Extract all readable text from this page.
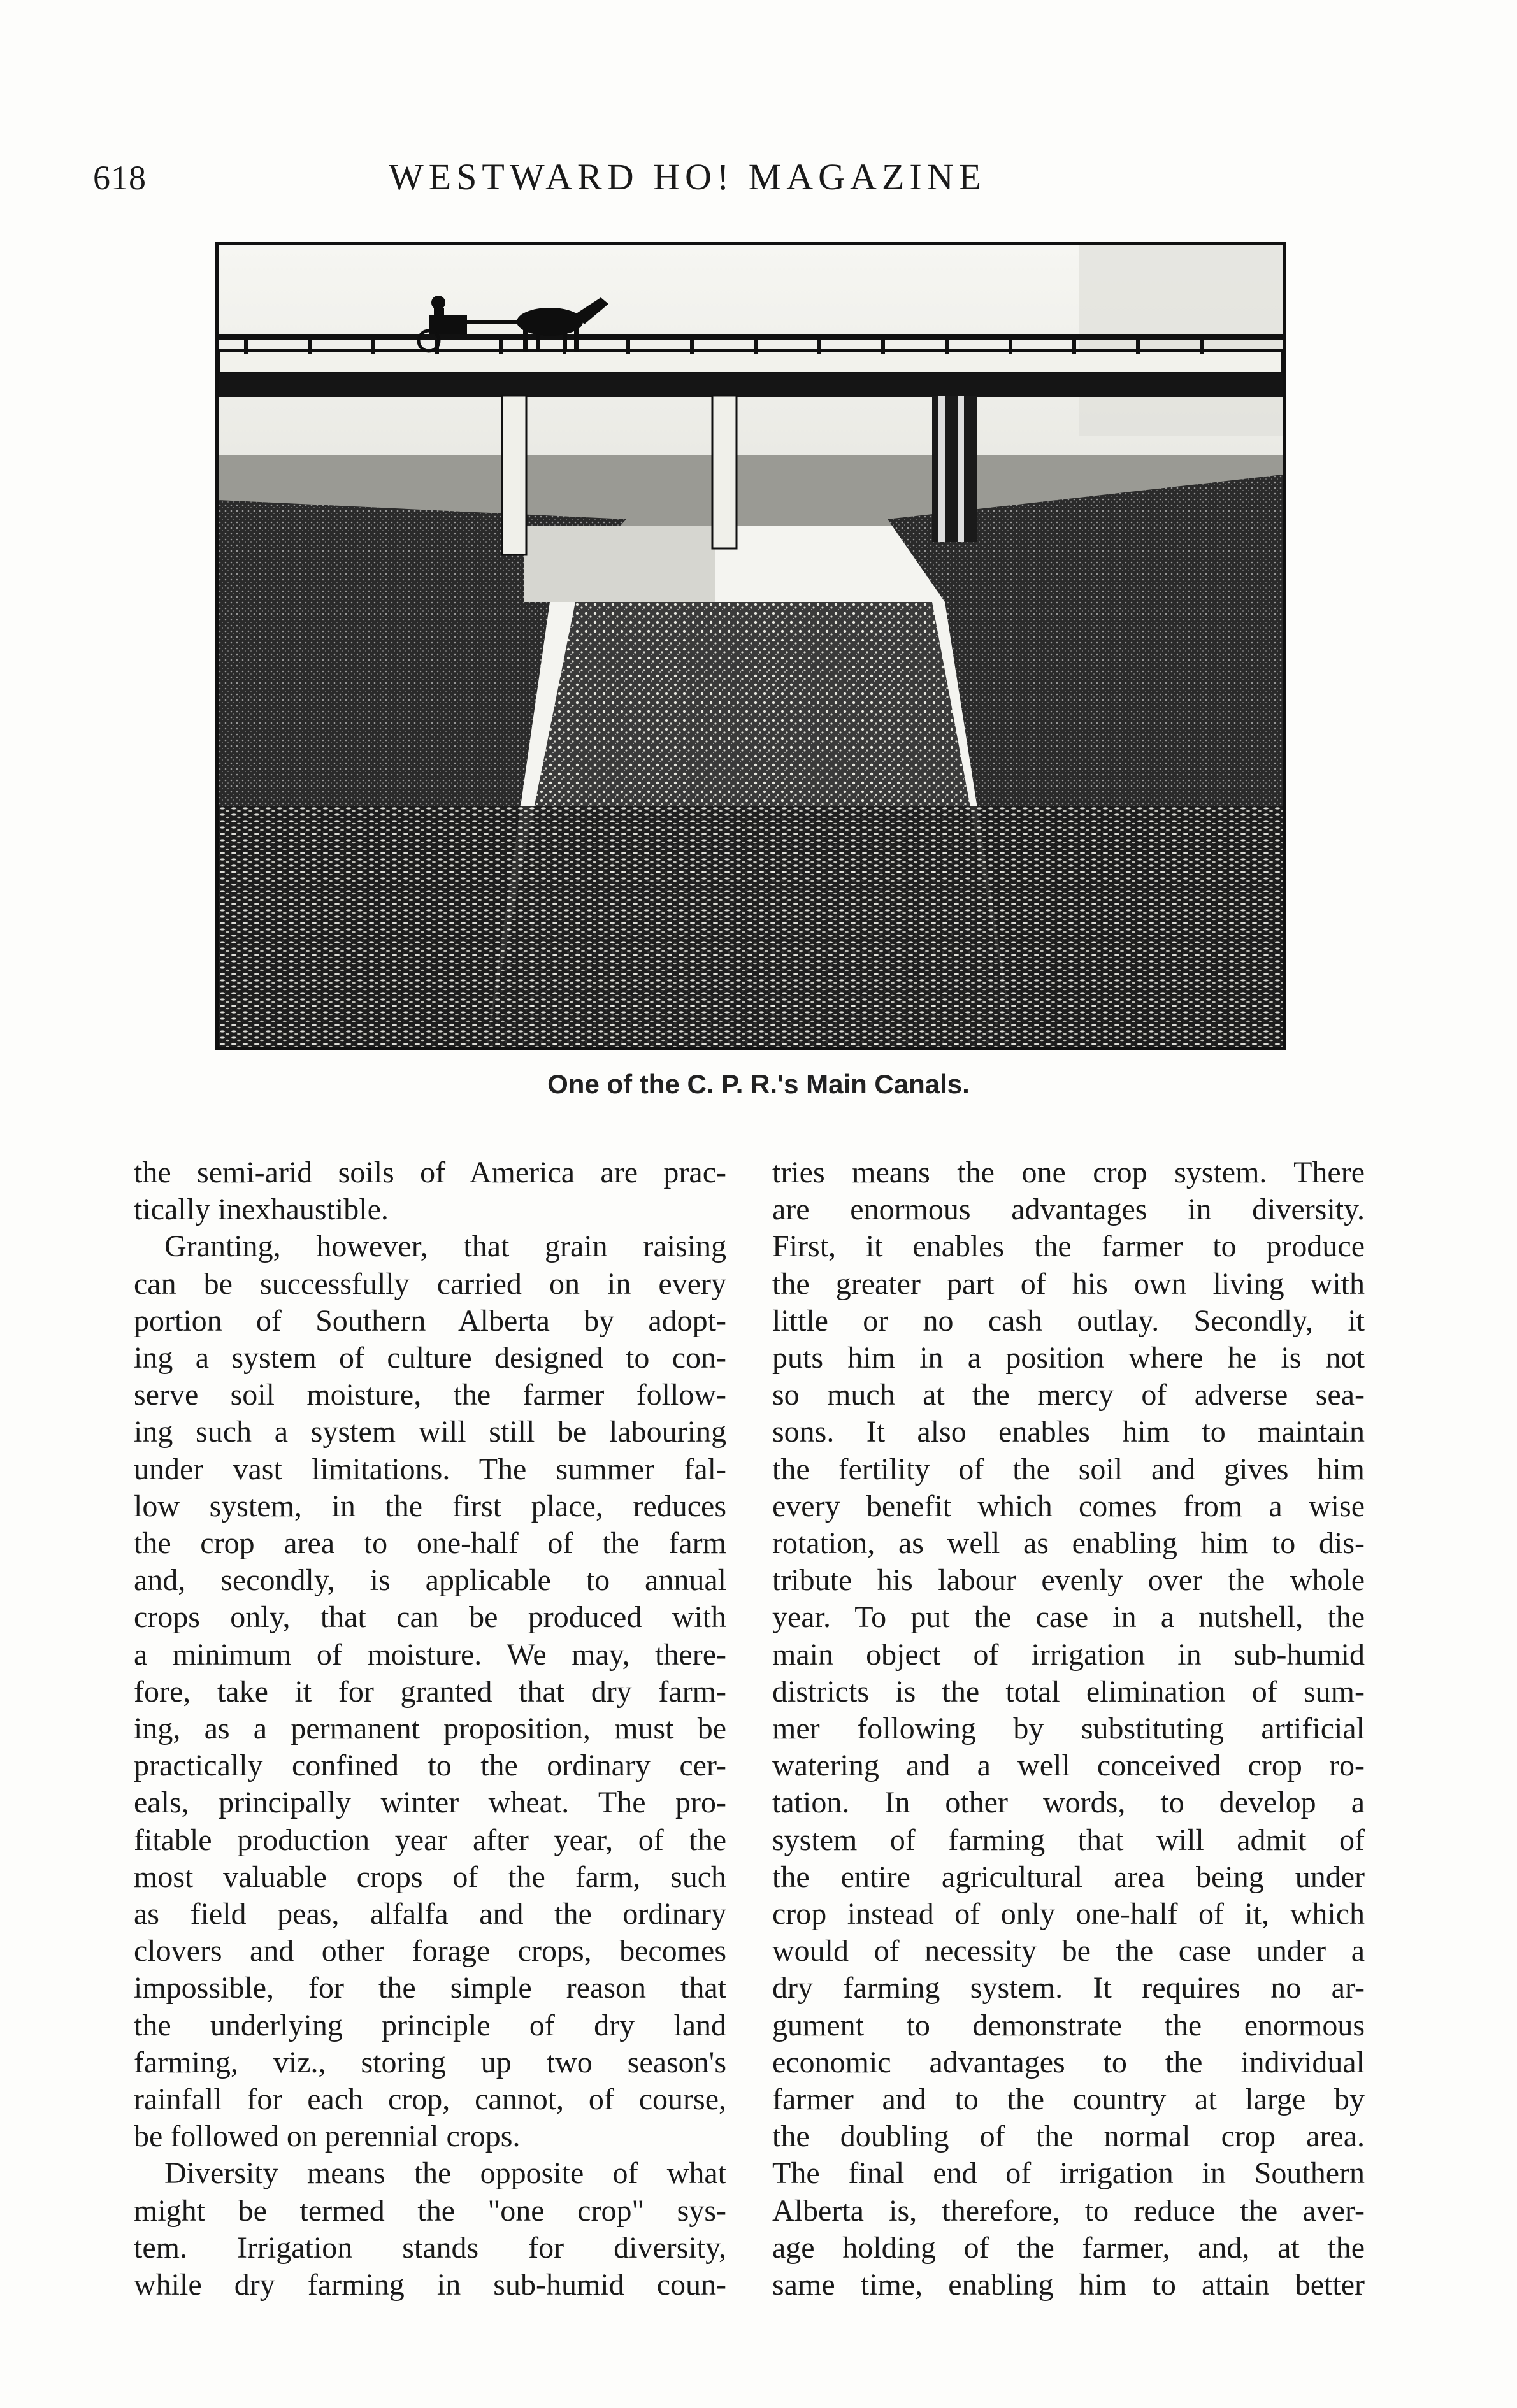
618	WESTWARD HO! MAGAZINE
One of the C. P. R.'s Main Canals.
the semi-arid soils of America are prac-
tically inexhaustible.
Granting, however, that grain raising
can be successfully carried on in every
portion of Southern Alberta by adopt-
ing a system of culture designed to con-
serve soil moisture, the farmer follow-
ing such a system will still be labouring
under vast limitations. The summer fal-
low system, in the first place, reduces
the crop area to one-half of the farm
and, secondly, is applicable to annual
crops only, that can be produced with
a minimum of moisture. We may, there-
fore, take it for granted that dry farm-
ing, as a permanent proposition, must be
practically confined to the ordinary cer-
eals, principally winter wheat. The pro-
fitable production year after year, of the
most valuable crops of the farm, such
as field peas, alfalfa and the ordinary
clovers and other forage crops, becomes
impossible, for the simple reason that
the underlying principle of dry land
farming, viz., storing up two season's
rainfall for each crop, cannot, of course,
be followed on perennial crops.
Diversity means the opposite of what
might be termed the "one crop" sys-
tem. Irrigation stands for diversity,
while dry farming in sub-humid coun-
tries means the one crop system. There
are enormous advantages in diversity.
First, it enables the farmer to produce
the greater part of his own living with
little or no cash outlay. Secondly, it
puts him in a position where he is not
so much at the mercy of adverse sea-
sons. It also enables him to maintain
the fertility of the soil and gives him
every benefit which comes from a wise
rotation, as well as enabling him to dis-
tribute his labour evenly over the whole
year. To put the case in a nutshell, the
main object of irrigation in sub-humid
districts is the total elimination of sum-
mer following by substituting artificial
watering and a well conceived crop ro-
tation. In other words, to develop a
system of farming that will admit of
the entire agricultural area being under
crop instead of only one-half of it, which
would of necessity be the case under a
dry farming system. It requires no ar-
gument to demonstrate the enormous
economic advantages to the individual
farmer and to the country at large by
the doubling of the normal crop area.
The final end of irrigation in Southern
Alberta is, therefore, to reduce the aver-
age holding of the farmer, and, at the
same time, enabling him to attain better
